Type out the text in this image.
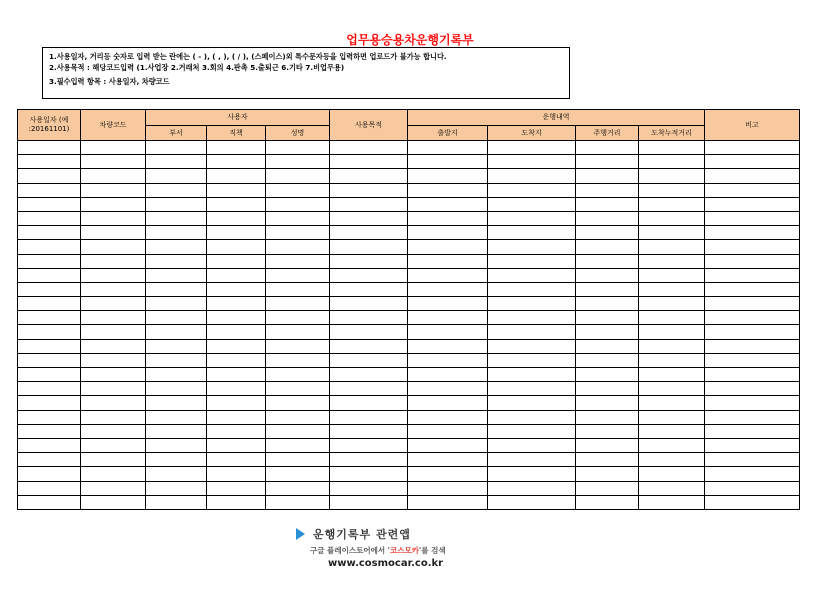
업무용승용차운행기록부
1.사용일자, 거리등 숫자로 입력 받는 란에는 ( - ), ( , ), ( / ), (스페이스)외 특수문자등을 입력하면 업로드가 불가능 합니다.
2.사용목적 : 해당코드입력 (1.사업장 2.거래처 3.회의 4.판촉 5.출퇴근 6.기타 7.비업무용)
3.필수입력 항목 : 사용일자, 차량코드
사용일자 (예 :20161101)	차량코드	사용자			사용목적	운행내역				비고
		부서	직책	성명		출발지	도착지	주행거리	도착누적거리	

운행기록부 관련앱
구글 플레이스토어에서 '코스모카'를 검색
www.cosmocar.co.kr
